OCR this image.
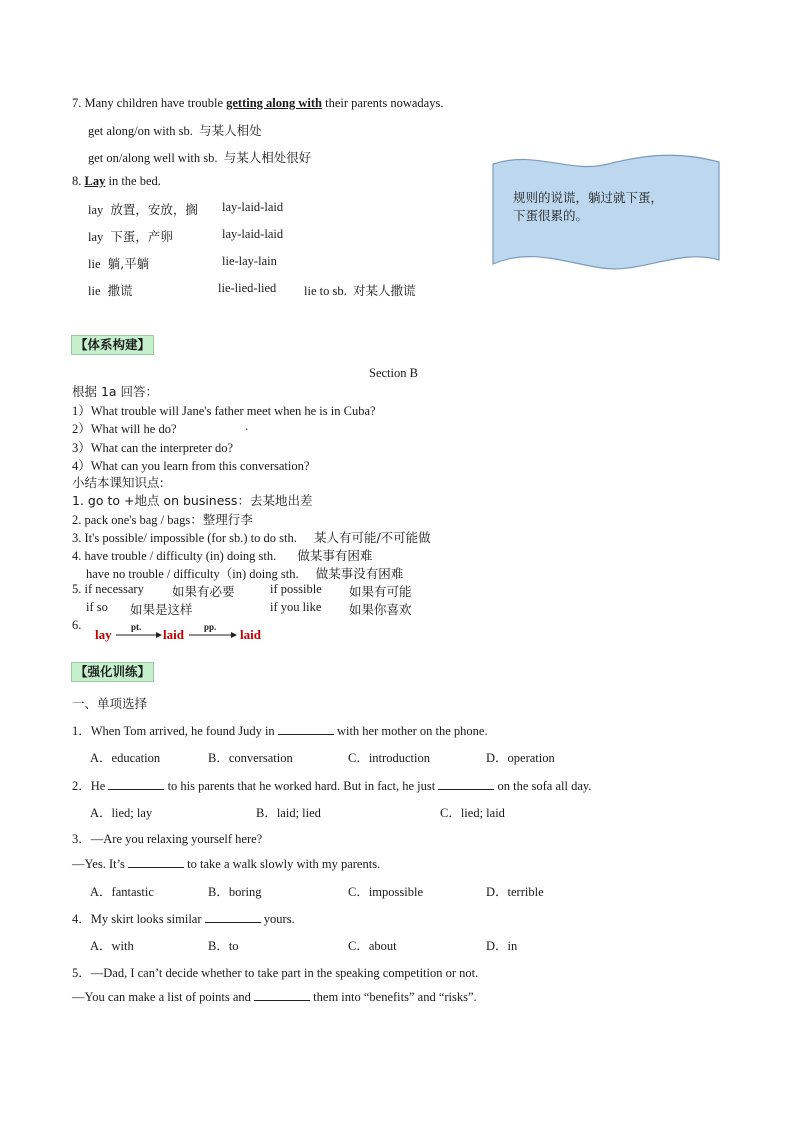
7. Many children have trouble getting along with their parents nowadays.
get along/on with sb. 与某人相处
get on/along well with sb. 与某人相处很好
8. Lay in the bed.
lay 放置，安放，搁 lay-laid-laid
lay 下蛋，产卵	lay-laid-laid
lie 躺,平躺	lie-lay-lain
lie 撒谎	lie-lied-lied lie to sb. 对某人撒谎
规则的说谎，躺过就下蛋，
下蛋很累的。
【体系构建】
Section B
根据 1a 回答：
1）What trouble will Jane's father meet when he is in Cuba?
2）What will he do?	.
3）What can the interpreter do?
4）What can you learn from this conversation?
小结本课知识点:
1. go to +地点 on business：去某地出差
2. pack one's bag / bags：整理行李
3. It's possible/ impossible (for sb.) to do sth. 某人有可能/不可能做
4. have trouble / difficulty (in) doing sth. 做某事有困难
have no trouble / difficulty（in) doing sth. 做某事没有困难
5. if necessary 如果有必要	if possible 如果有可能
if so 如果是这样	if you like 如果你喜欢
6.
lay pt. laid pp. laid
【强化训练】
一、单项选择
1．When Tom arrived, he found Judy in	with her mother on the phone.
A．education	B．conversation	C．introduction	D．operation
2．He	to his parents that he worked hard. But in fact, he just	on the sofa all day.
A．lied; lay	B．laid; lied	C．lied; laid
3．—Are you relaxing yourself here?
—Yes. It’s	to take a walk slowly with my parents.
A．fantastic	B．boring	C．impossible	D．terrible
4．My skirt looks similar	yours.
A．with	B．to	C．about	D．in
5．—Dad, I can’t decide whether to take part in the speaking competition or not.
—You can make a list of points and	them into “benefits” and “risks”.
